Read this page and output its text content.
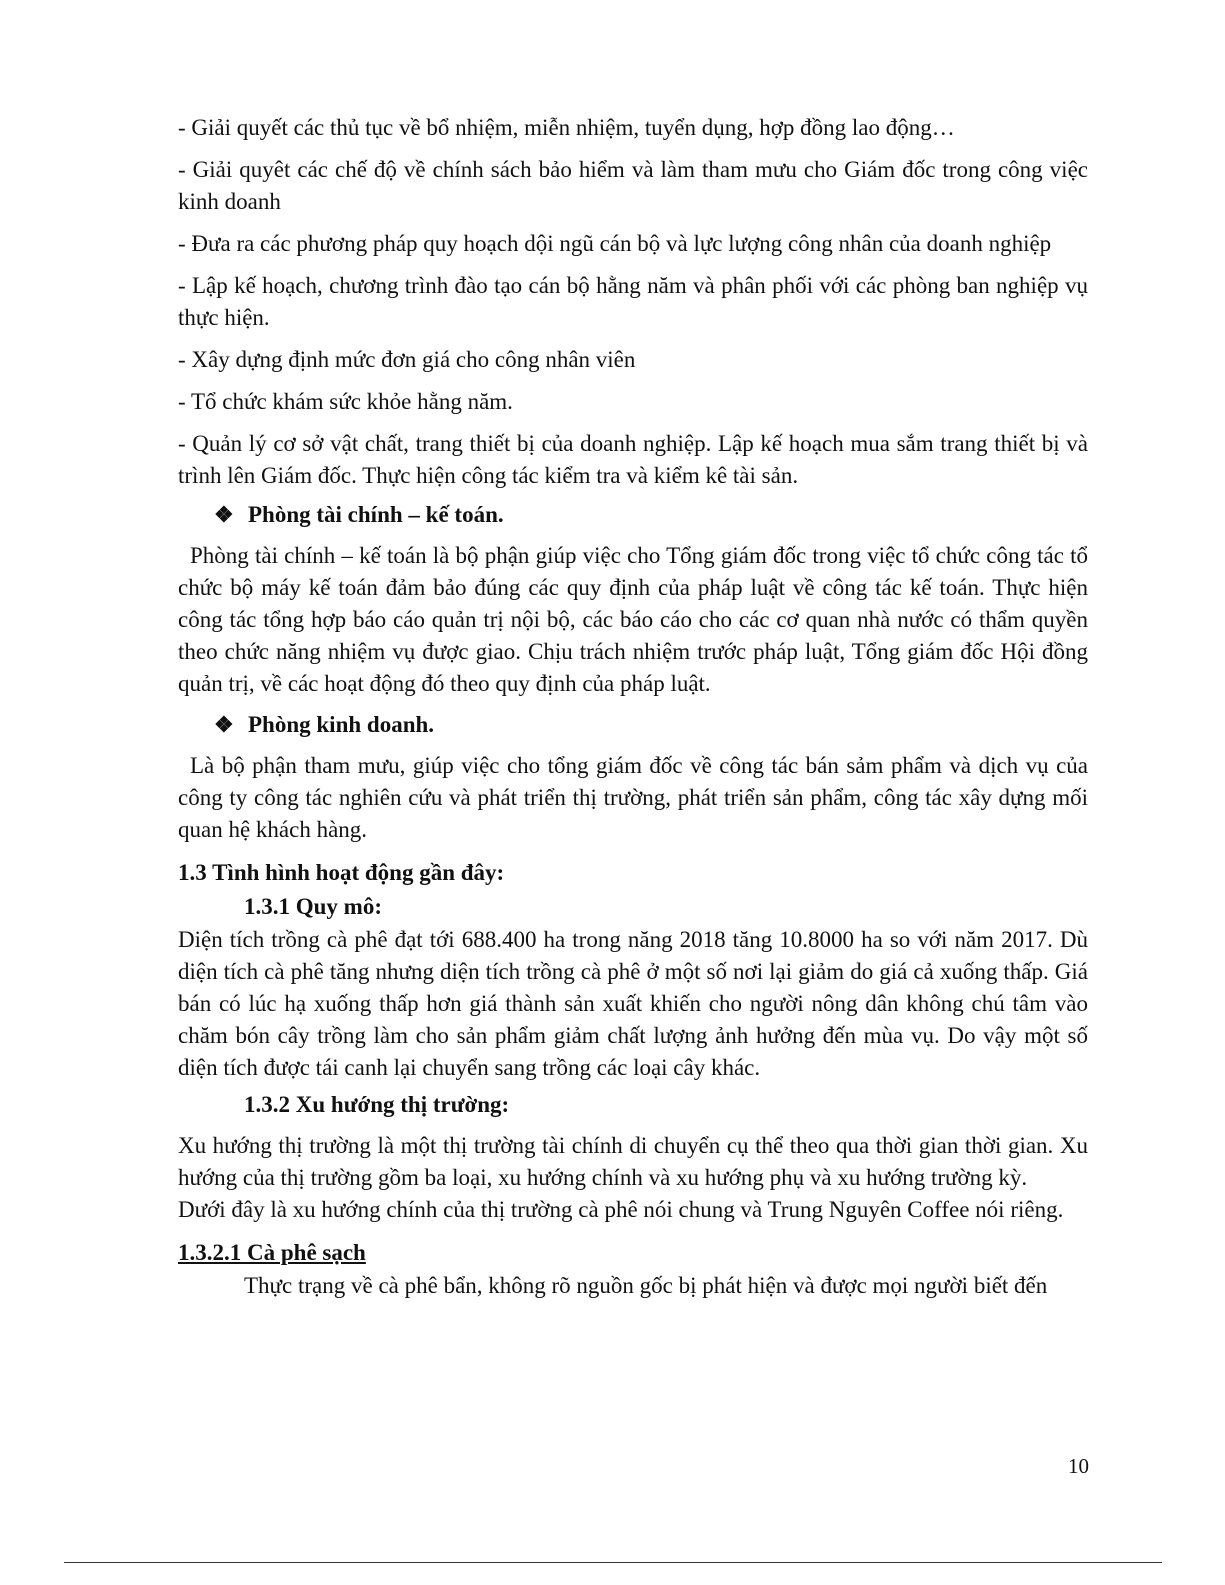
- Giải quyết các thủ tục về bổ nhiệm, miễn nhiệm, tuyển dụng, hợp đồng lao động…

- Giải quyêt các chế độ về chính sách bảo hiểm và làm tham mưu cho Giám đốc trong công việc kinh doanh

- Đưa ra các phương pháp quy hoạch dội ngũ cán bộ và lực lượng công nhân của doanh nghiệp

- Lập kế hoạch, chương trình đào tạo cán bộ hằng năm và phân phối với các phòng ban nghiệp vụ thực hiện.

- Xây dựng định mức đơn giá cho công nhân viên

- Tổ chức khám sức khỏe hằng năm.

- Quản lý cơ sở vật chất, trang thiết bị của doanh nghiệp. Lập kế hoạch mua sắm trang thiết bị và trình lên Giám đốc. Thực hiện công tác kiểm tra và kiểm kê tài sản.

❖ Phòng tài chính – kế toán.

Phòng tài chính – kế toán là bộ phận giúp việc cho Tổng giám đốc trong việc tổ chức công tác tổ chức bộ máy kế toán đảm bảo đúng các quy định của pháp luật về công tác kế toán. Thực hiện công tác tổng hợp báo cáo quản trị nội bộ, các báo cáo cho các cơ quan nhà nước có thẩm quyền theo chức năng nhiệm vụ được giao. Chịu trách nhiệm trước pháp luật, Tổng giám đốc Hội đồng quản trị, về các hoạt động đó theo quy định của pháp luật.

❖ Phòng kinh doanh.

Là bộ phận tham mưu, giúp việc cho tổng giám đốc về công tác bán sảm phẩm và dịch vụ của công ty công tác nghiên cứu và phát triển thị trường, phát triển sản phẩm, công tác xây dựng mối quan hệ khách hàng.

1.3 Tình hình hoạt động gần đây:
1.3.1 Quy mô:

Diện tích trồng cà phê đạt tới 688.400 ha trong năng 2018 tăng 10.8000 ha so với năm 2017. Dù diện tích cà phê tăng nhưng diện tích trồng cà phê ở một số nơi lại giảm do giá cả xuống thấp. Giá bán có lúc hạ xuống thấp hơn giá thành sản xuất khiến cho người nông dân không chú tâm vào chăm bón cây trồng làm cho sản phẩm giảm chất lượng ảnh hưởng đến mùa vụ. Do vậy một số diện tích được tái canh lại chuyển sang trồng các loại cây khác.

1.3.2 Xu hướng thị trường:

Xu hướng thị trường là một thị trường tài chính di chuyển cụ thể theo qua thời gian thời gian. Xu hướng của thị trường gồm ba loại, xu hướng chính và xu hướng phụ và xu hướng trường kỳ.

Dưới đây là xu hướng chính của thị trường cà phê nói chung và Trung Nguyên Coffee nói riêng.

1.3.2.1 Cà phê sạch

Thực trạng về cà phê bẩn, không rõ nguồn gốc bị phát hiện và được mọi người biết đến

10
